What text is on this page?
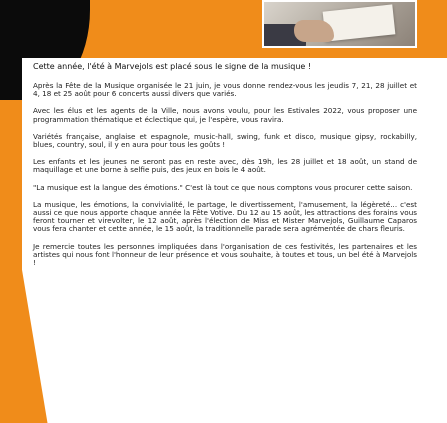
Cette année, l'été à Marvejols est placé sous le signe de la musique !
Après la Fête de la Musique organisée le 21 juin, je vous donne rendez-vous les jeudis 7, 21, 28 juillet et 4, 18 et 25 août pour 6 concerts aussi divers que variés.
Avec les élus et les agents de la Ville, nous avons voulu, pour les Estivales 2022, vous proposer une programmation thématique et éclectique qui, je l'espère, vous ravira.
Variétés française, anglaise et espagnole, music-hall, swing, funk et disco, musique gipsy, rockabilly, blues, country, soul, il y en aura pour tous les goûts !
Les enfants et les jeunes ne seront pas en reste avec, dès 19h, les 28 juillet et 18 août, un stand de maquillage et une borne à selfie puis, des jeux en bois le 4 août.
"La musique est la langue des émotions." C'est là tout ce que nous comptons vous procurer cette saison.
La musique, les émotions, la convivialité, le partage, le divertissement, l'amusement, la légèreté... c'est aussi ce que nous apporte chaque année la Fête Votive. Du 12 au 15 août, les attractions des forains vous feront tourner et virevolter, le 12 août, après l'élection de Miss et Mister Marvejols, Guillaume Caparos vous fera chanter et cette année, le 15 août, la traditionnelle parade sera agrémentée de chars fleuris.
Je remercie toutes les personnes impliquées dans l'organisation de ces festivités, les partenaires et les artistes qui nous font l'honneur de leur présence et vous souhaite, à toutes et tous, un bel été à Marvejols !
